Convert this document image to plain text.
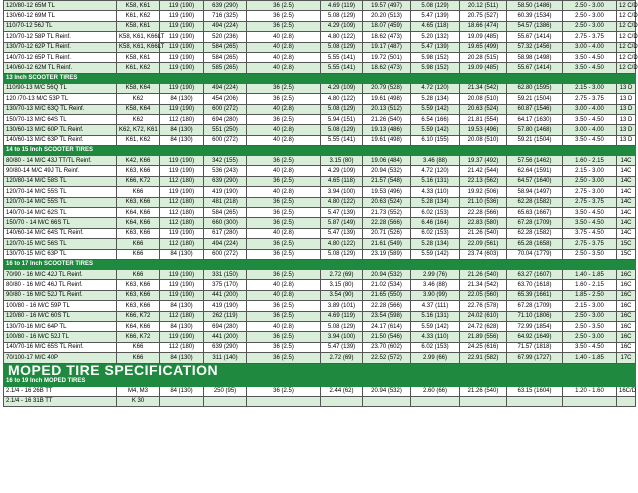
120/80-12 65M TL	K58, K61	119 (190)	639 (290)	36 (2.5)	4.69 (119)	19.57 (497)	5.08 (129)	20.12 (511)	58.50 (1486)	2.50 - 3.00	12 C/D
130/60-12 69M TL	K61, K62	119 (190)	716 (325)	36 (2.5)	5.08 (129)	20.20 (513)	5.47 (139)	20.75 (527)	60.39 (1534)	2.50 - 3.00	12 C/D
110/70-12 56J TL	K58, K61	119 (190)	494 (224)	36 (2.5)	4.29 (109)	18.07 (459)	4.65 (118)	18.66 (474)	54.57 (1386)	2.50 - 3.00	12 C/D
120/70-12 58P TL Reinf.	K58, K61, K66LT	119 (190)	520 (236)	40 (2.8)	4.80 (122)	18.62 (473)	5.20 (132)	19.09 (485)	55.67 (1414)	2.75 - 3.75	12 C/D
130/70-12 62P TL Reinf.	K58, K61, K66LT	119 (190)	584 (265)	40 (2.8)	5.08 (129)	19.17 (487)	5.47 (139)	19.65 (499)	57.32 (1456)	3.00 - 4.00	12 C/D
140/70-12 65P TL Reinf.	K58, K61	119 (190)	584 (265)	40 (2.8)	5.55 (141)	19.72 (501)	5.98 (152)	20.28 (515)	58.98 (1498)	3.50 - 4.50	12 C/D
140/60-12 62M TL Reinf.	K61, K62	119 (190)	585 (265)	40 (2.8)	5.55 (141)	18.62 (473)	5.98 (152)	19.09 (485)	55.67 (1414)	3.50 - 4.50	12 C/D
13 Inch SCOOTER TIRES											
110/90-13 M/C 56Q TL	K58, K64	119 (190)	494 (224)	36 (2.5)	4.29 (109)	20.79 (528)	4.72 (120)	21.34 (542)	62.80 (1595)	2.15 - 3.00	13 D
120 /70-13 M/C 53P TL	K62	84 (130)	454 (206)	36 (2.5)	4.80 (122)	19.61 (498)	5.28 (134)	20.08 (510)	59.21 (1504)	2.75 - 3.75	13 D
130/70-13 M/C 63Q TL Reinf.	K58, K64	119 (190)	600 (272)	40 (2.8)	5.08 (129)	20.13 (512)	5.59 (142)	20.63 (524)	60.87 (1546)	3.00 - 4.00	13 D
150/70-13 M/C 64S TL	K62	112 (180)	694 (280)	36 (2.5)	5.94 (151)	21.26 (540)	6.54 (166)	21.81 (554)	64.17 (1630)	3.50 - 4.50	13 D
130/60-13 M/C 60P TL Reinf.	K62, K72, K61	84 (130)	551 (250)	40 (2.8)	5.08 (129)	19.13 (486)	5.59 (142)	19.53 (496)	57.80 (1468)	3.00 - 4.00	13 D
140/60-13 M/C 63P TL Reinf.	K61, K62	84 (130)	600 (272)	40 (2.8)	5.55 (141)	19.61 (498)	6.10 (155)	20.08 (510)	59.21 (1504)	3.50 - 4.50	13 D
14 to 15 Inch SCOOTER TIRES											
80/80 - 14 M/C 43J TT/TL Reinf.	K42, K66	119 (190)	342 (155)	36 (2.5)	3.15 (80)	19.06 (484)	3.46 (88)	19.37 (492)	57.56 (1462)	1.60 - 2.15	14C
90/80-14 M/C 49J TL Reinf.	K63, K66	119 (190)	536 (243)	40 (2.8)	4.29 (109)	20.94 (532)	4.72 (120)	21.42 (544)	62.64 (1591)	2.15 - 3.00	14C
120/80-14 M/C 58S TL	K66, K72	112 (180)	639 (290)	36 (2.5)	4.65 (118)	21.57 (548)	5.16 (131)	22.13 (562)	64.57 (1640)	2.50 - 3.00	14C
120/70-14 M/C 55S TL	K66	119 (190)	419 (190)	40 (2.8)	3.94 (100)	19.53 (496)	4.33 (110)	19.92 (506)	58.94 (1497)	2.75 - 3.00	14C
120/70-14 M/C 55S TL	K63, K66	112 (180)	481 (218)	36 (2.5)	4.80 (122)	20.63 (524)	5.28 (134)	21.10 (536)	62.28 (1582)	2.75 - 3.75	14C
140/70-14 M/C 62S TL	K64, K66	112 (180)	584 (265)	36 (2.5)	5.47 (139)	21.73 (552)	6.02 (153)	22.28 (566)	65.63 (1667)	3.50 - 4.50	14C
150/70 - 14 M/C 66S TL	K64, K66	112 (180)	660 (300)	36 (2.5)	5.87 (149)	22.28 (566)	6.46 (164)	22.83 (580)	67.28 (1709)	3.50 - 4.50	14C
140/60-14 M/C 64S TL Reinf.	K63, K66	119 (190)	617 (280)	40 (2.8)	5.47 (139)	20.71 (526)	6.02 (153)	21.26 (540)	62.28 (1582)	3.75 - 4.50	14C
120/70-15 M/C 56S TL	K66	112 (180)	494 (224)	36 (2.5)	4.80 (122)	21.61 (549)	5.28 (134)	22.09 (561)	65.28 (1658)	2.75 - 3.75	15C
130/70-15 M/C 63P TL	K66	84 (130)	600 (272)	36 (2.5)	5.08 (129)	23.19 (589)	5.59 (142)	23.74 (603)	70.04 (1779)	2.50 - 3.50	15C
16 to 17 Inch SCOOTER TIRES											
70/90 - 16 M/C 42J TL Reinf.	K66	119 (190)	331 (150)	36 (2.5)	2.72 (69)	20.94 (532)	2.99 (76)	21.26 (540)	63.27 (1607)	1.40 - 1.85	16C
80/80 - 16 M/C 46J TL Reinf.	K63, K66	119 (190)	375 (170)	40 (2.8)	3.15 (80)	21.02 (534)	3.46 (88)	21.34 (542)	63.70 (1618)	1.60 - 2.15	16C
90/80 - 16 M/C 52J TL Reinf.	K63, K66	119 (190)	441 (200)	40 (2.8)	3.54 (90)	21.65 (550)	3.90 (99)	22.05 (560)	65.39 (1661)	1.85 - 2.50	16C
100/80 - 16 M/C 59P TL	K63, K66	84 (130)	419 (190)	36 (2.5)	3.89 (101)	22.28 (566)	4.37 (111)	22.76 (578)	67.28 (1709)	2.15 - 3.00	16C
120/80 - 16 M/C 60S TL	K66, K72	112 (180)	262 (119)	36 (2.5)	4.69 (119)	23.54 (598)	5.16 (131)	24.02 (610)	71.10 (1806)	2.50 - 3.00	16C
130/70-16 M/C 64P TL	K64, K66	84 (130)	694 (280)	40 (2.8)	5.08 (129)	24.17 (614)	5.59 (142)	24.72 (628)	72.99 (1854)	2.50 - 3.50	16C
100/80 - 16 M/C 52J TL	K66, K72	119 (190)	441 (200)	36 (2.5)	3.94 (100)	21.50 (546)	4.33 (110)	21.89 (556)	64.92 (1649)	2.50 - 3.00	16C
140/70-16 M/C 65S TL Reinf.	K66	112 (180)	639 (290)	36 (2.5)	5.47 (139)	23.70 (602)	6.02 (153)	24.25 (616)	71.57 (1818)	3.50 - 4.50	16C
70/100-17 M/C 40P	K66	84 (130)	311 (140)	36 (2.5)	2.72 (69)	22.52 (572)	2.99 (66)	22.91 (582)	67.99 (1727)	1.40 - 1.85	17C
MOPED TIRE SPECIFICATION											
16 to 19 Inch MOPED TIRES											
2.1/4 - 16 26B TT	M4, M3	84 (130)	250 (95)	36 (2.5)	2.44 (62)	20.94 (532)	2.60 (66)	21.26 (540)	63.15 (1604)	1.20 - 1.60	16C/D
2.1/4 - 16 31B TT	K 30										
